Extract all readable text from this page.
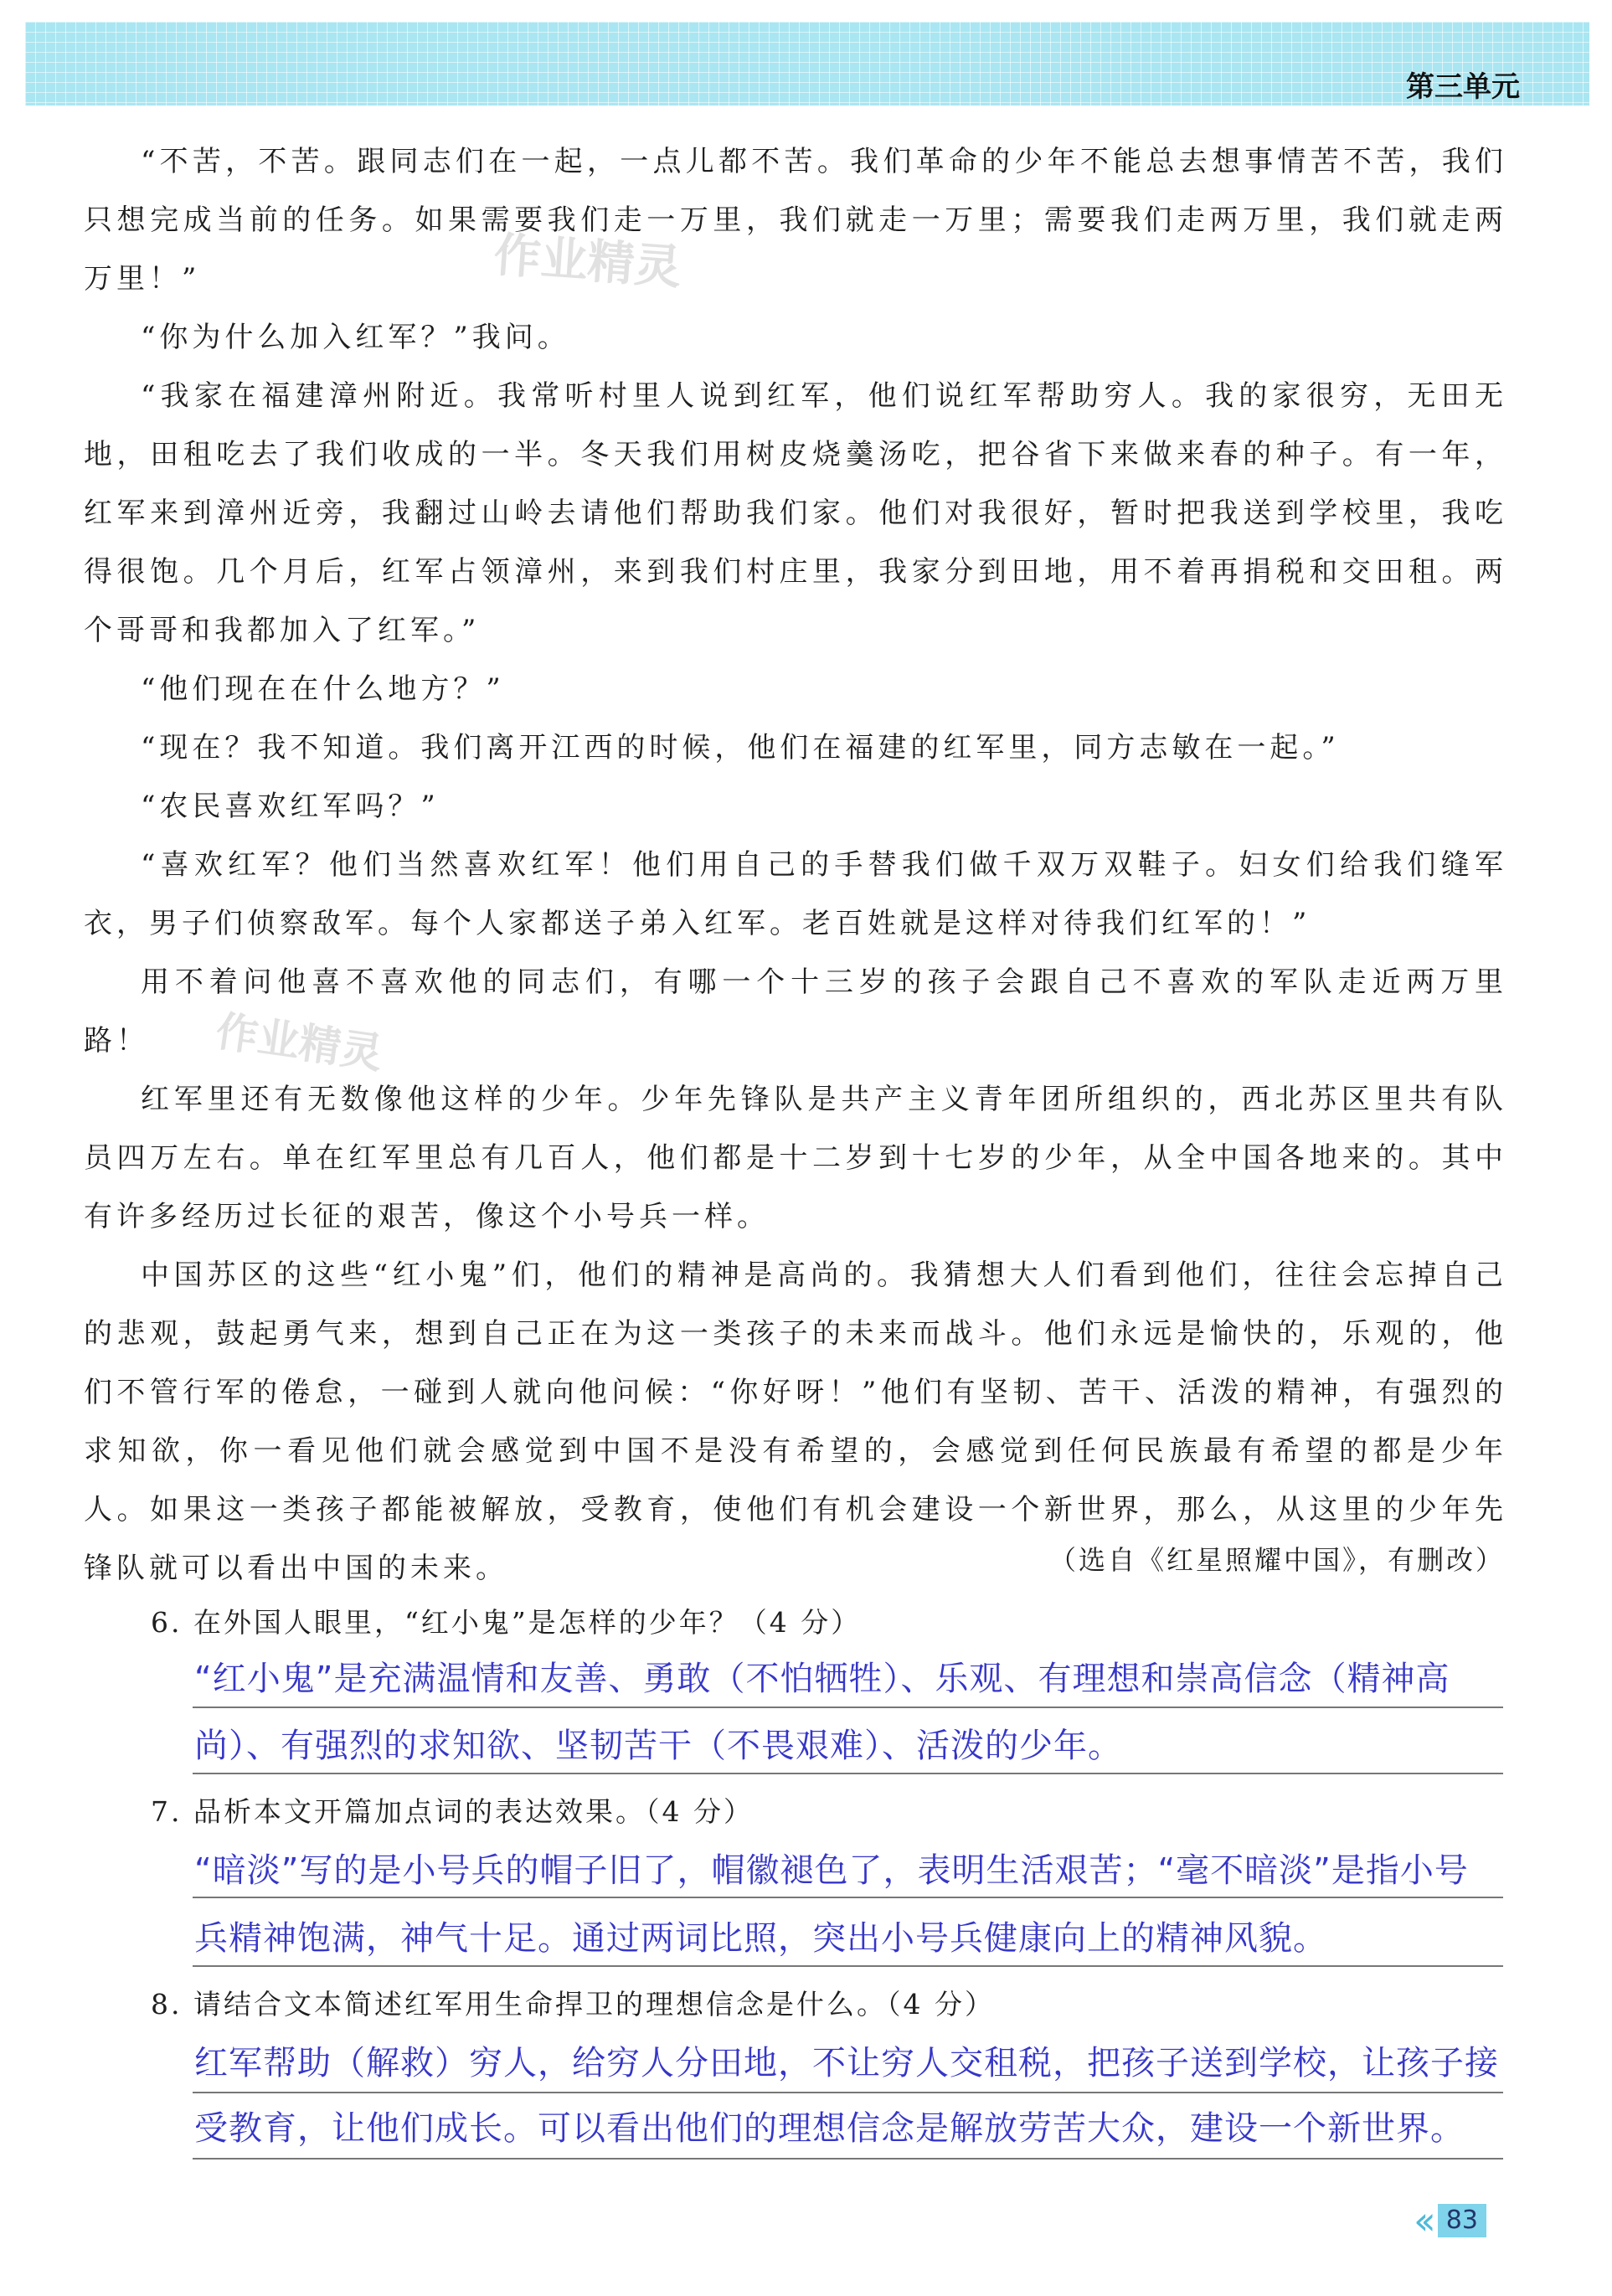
第三单元

“不苦，不苦。跟同志们在一起，一点儿都不苦。我们革命的少年不能总去想事情苦不苦，我们只想完成当前的任务。如果需要我们走一万里，我们就走一万里；需要我们走两万里，我们就走两万里！”

“你为什么加入红军？”我问。

“我家在福建漳州附近。我常听村里人说到红军，他们说红军帮助穷人。我的家很穷，无田无地，田租吃去了我们收成的一半。冬天我们用树皮烧羹汤吃，把谷省下来做来春的种子。有一年，红军来到漳州近旁，我翻过山岭去请他们帮助我们家。他们对我很好，暂时把我送到学校里，我吃得很饱。几个月后，红军占领漳州，来到我们村庄里，我家分到田地，用不着再捐税和交田租。两个哥哥和我都加入了红军。”

“他们现在在什么地方？”

“现在？我不知道。我们离开江西的时候，他们在福建的红军里，同方志敏在一起。”

“农民喜欢红军吗？”

“喜欢红军？他们当然喜欢红军！他们用自己的手替我们做千双万双鞋子。妇女们给我们缝军衣，男子们侦察敌军。每个人家都送子弟入红军。老百姓就是这样对待我们红军的！”

用不着问他喜不喜欢他的同志们，有哪一个十三岁的孩子会跟自己不喜欢的军队走近两万里路！

红军里还有无数像他这样的少年。少年先锋队是共产主义青年团所组织的，西北苏区里共有队员四万左右。单在红军里总有几百人，他们都是十二岁到十七岁的少年，从全中国各地来的。其中有许多经历过长征的艰苦，像这个小号兵一样。

中国苏区的这些“红小鬼”们，他们的精神是高尚的。我猜想大人们看到他们，往往会忘掉自己的悲观，鼓起勇气来，想到自己正在为这一类孩子的未来而战斗。他们永远是愉快的，乐观的，他们不管行军的倦怠，一碰到人就向他问候：“你好呀！”他们有坚韧、苦干、活泼的精神，有强烈的求知欲，你一看见他们就会感觉到中国不是没有希望的，会感觉到任何民族最有希望的都是少年人。如果这一类孩子都能被解放，受教育，使他们有机会建设一个新世界，那么，从这里的少年先锋队就可以看出中国的未来。

作业精灵
作业精灵
（选自《红星照耀中国》，有删改）
6. 在外国人眼里，“红小鬼”是怎样的少年？（4 分）
“红小鬼”是充满温情和友善、勇敢（不怕牺牲）、乐观、有理想和崇高信念（精神高
尚）、有强烈的求知欲、坚韧苦干（不畏艰难）、活泼的少年。
7. 品析本文开篇加点词的表达效果。（4 分）
“暗淡”写的是小号兵的帽子旧了，帽徽褪色了，表明生活艰苦；“毫不暗淡”是指小号
兵精神饱满，神气十足。通过两词比照，突出小号兵健康向上的精神风貌。
8. 请结合文本简述红军用生命捍卫的理想信念是什么。（4 分）
红军帮助（解救）穷人，给穷人分田地，不让穷人交租税，把孩子送到学校，让孩子接
受教育，让他们成长。可以看出他们的理想信念是解放劳苦大众，建设一个新世界。
‹‹ 83
